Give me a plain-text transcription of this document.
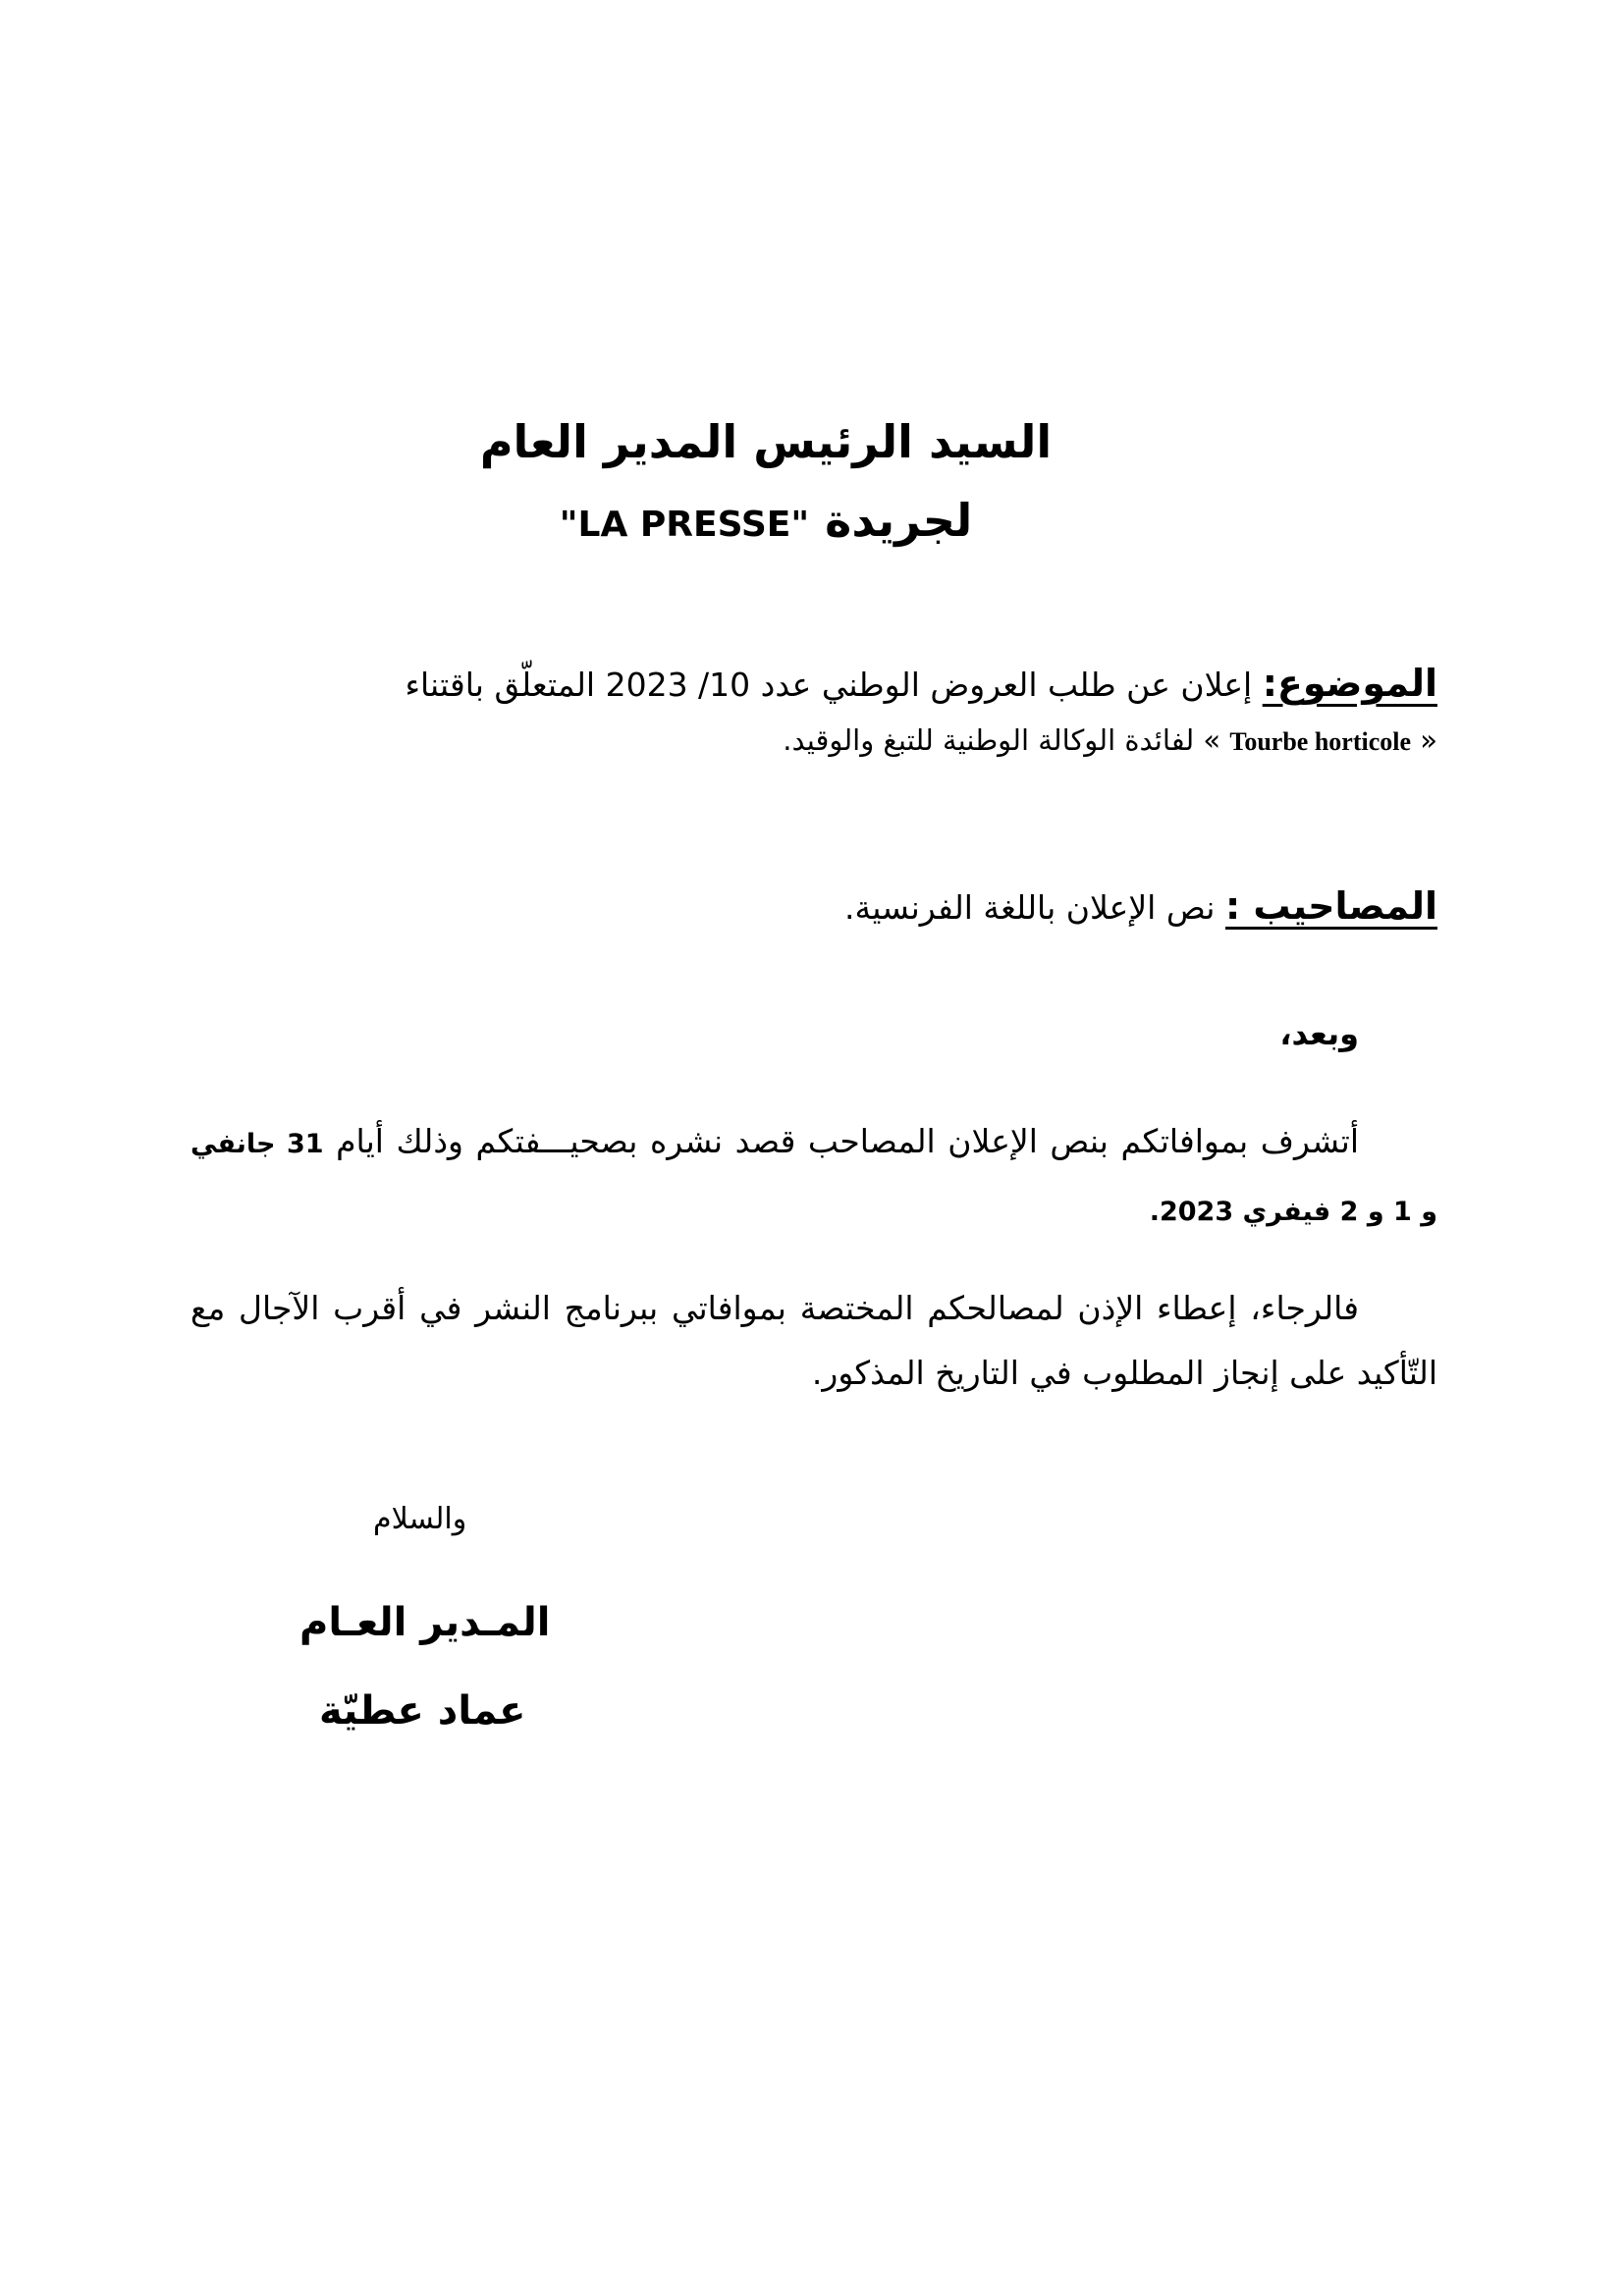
السيد الرئيس المدير العام
لجريدة "LA PRESSE"
الموضوع: إعلان عن طلب العروض الوطني عدد 10/ 2023 المتعلّق باقتناء
« Tourbe horticole » لفائدة الوكالة الوطنية للتبغ والوقيد.
المصاحيب : نص الإعلان باللغة الفرنسية.
وبعد،
أتشرف بموافاتكم بنص الإعلان المصاحب قصد نشره بصحيـــفتكم وذلك أيام 31 جانفي و 1 و 2 فيفري 2023.
فالرجاء، إعطاء الإذن لمصالحكم المختصة بموافاتي ببرنامج النشر في أقرب الآجال مع التّأكيد على إنجاز المطلوب في التاريخ المذكور.
والسلام
المـدير العـام
عماد عطيّة
